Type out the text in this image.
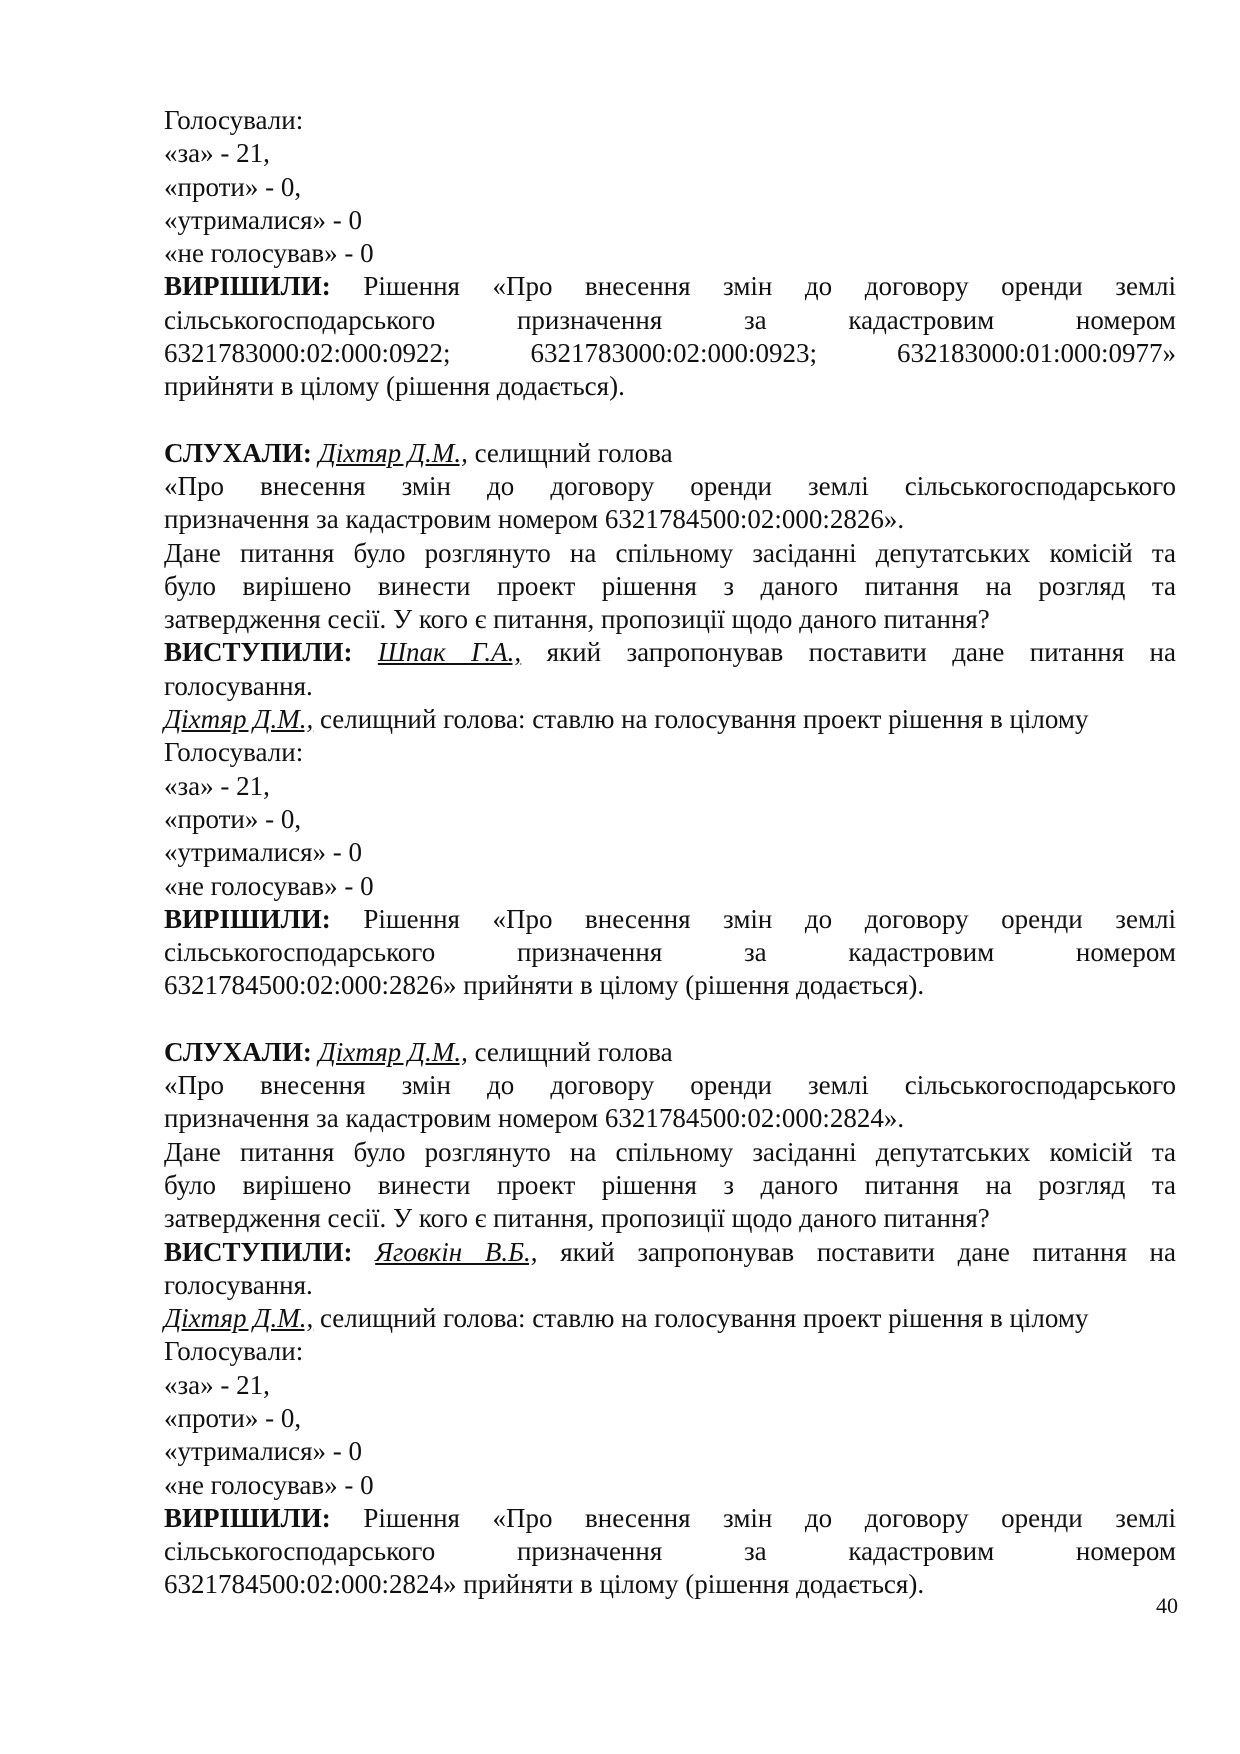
Голосували:

«за» - 21,

«проти» - 0,

«утрималися» - 0

«не голосував» - 0

ВИРІШИЛИ: Рішення «Про внесення змін до договору оренди землі

сільськогосподарського призначення за кадастровим номером

6321783000:02:000:0922; 6321783000:02:000:0923; 632183000:01:000:0977»

прийняти в цілому (рішення додається).

СЛУХАЛИ: Діхтяр Д.М., селищний голова

«Про внесення змін до договору оренди землі сільськогосподарського

призначення за кадастровим номером 6321784500:02:000:2826».

Дане питання було розглянуто на спільному засіданні депутатських комісій та

було вирішено винести проект рішення з даного питання на розгляд та

затвердження сесії. У кого є питання, пропозиції щодо даного питання?

ВИСТУПИЛИ: Шпак Г.А., який запропонував поставити дане питання на

голосування.

Діхтяр Д.М., селищний голова: ставлю на голосування проект рішення в цілому

Голосували:

«за» - 21,

«проти» - 0,

«утрималися» - 0

«не голосував» - 0

ВИРІШИЛИ: Рішення «Про внесення змін до договору оренди землі

сільськогосподарського призначення за кадастровим номером

6321784500:02:000:2826» прийняти в цілому (рішення додається).

СЛУХАЛИ: Діхтяр Д.М., селищний голова

«Про внесення змін до договору оренди землі сільськогосподарського

призначення за кадастровим номером 6321784500:02:000:2824».

Дане питання було розглянуто на спільному засіданні депутатських комісій та

було вирішено винести проект рішення з даного питання на розгляд та

затвердження сесії. У кого є питання, пропозиції щодо даного питання?

ВИСТУПИЛИ: Яговкін В.Б., який запропонував поставити дане питання на

голосування.

Діхтяр Д.М., селищний голова: ставлю на голосування проект рішення в цілому

Голосували:

«за» - 21,

«проти» - 0,

«утрималися» - 0

«не голосував» - 0

ВИРІШИЛИ: Рішення «Про внесення змін до договору оренди землі

сільськогосподарського призначення за кадастровим номером

6321784500:02:000:2824» прийняти в цілому (рішення додається).

40
